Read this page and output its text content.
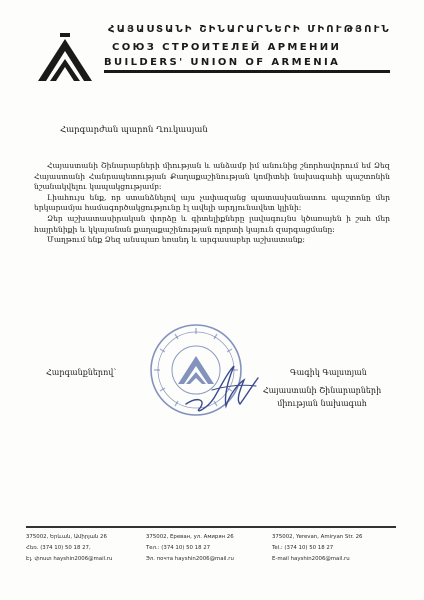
ՀԱՅԱՍՏԱՆԻ ՇԻՆԱՐԱՐՆԵՐԻ ՄԻՈՒԹՅՈՒՆ
СОЮЗ СТРОИТЕЛЕЙ АРМЕНИИ
BUILDERS' UNION OF ARMENIA
Հարգարժան պարոն Ղուկասյան

Հայաստանի Շինարարների միության և անձամբ իմ անունից շնորհավորում եմ Ձեզ Հայաստանի Հանրապետության Քաղաքաշինության կոմիտեի նախագահի պաշտոնին նշանակվելու կապակցությամբ:

Լիահույս ենք, որ ստանձնելով այս չափազանց պատասխանատու պաշտոնը մեր երկարամյա համագործակցությունը էլ ավելի արդյունավետ կլինի:

Ձեր աշխատասիրական փորձը և գիտելիքները լավագույնս կծառայեն ի շահ մեր հայրենիքի և կկայանան քաղաքաշինության ոլորտի կայուն զարգացմանը:

Մաղթում ենք Ձեզ անսպառ եռանդ և արգասաբեր աշխատանք:

Հարգանքներով՝	Գագիկ Գալստյան
Հայաստանի Շինարարների
միության նախագահ
375002, Երևան, Ամիրյան 26
Հեռ. (374 10) 50 18 27,
Էլ. փոստ hayshin2006@mail.ru
375002, Ереван, ул. Амирян 26
Тел.: (374 10) 50 18 27
Эл. почта hayshin2006@mail.ru
375002, Yerevan, Amiryan Str. 26
Tel.: (374 10) 50 18 27
E-mail hayshin2006@mail.ru
